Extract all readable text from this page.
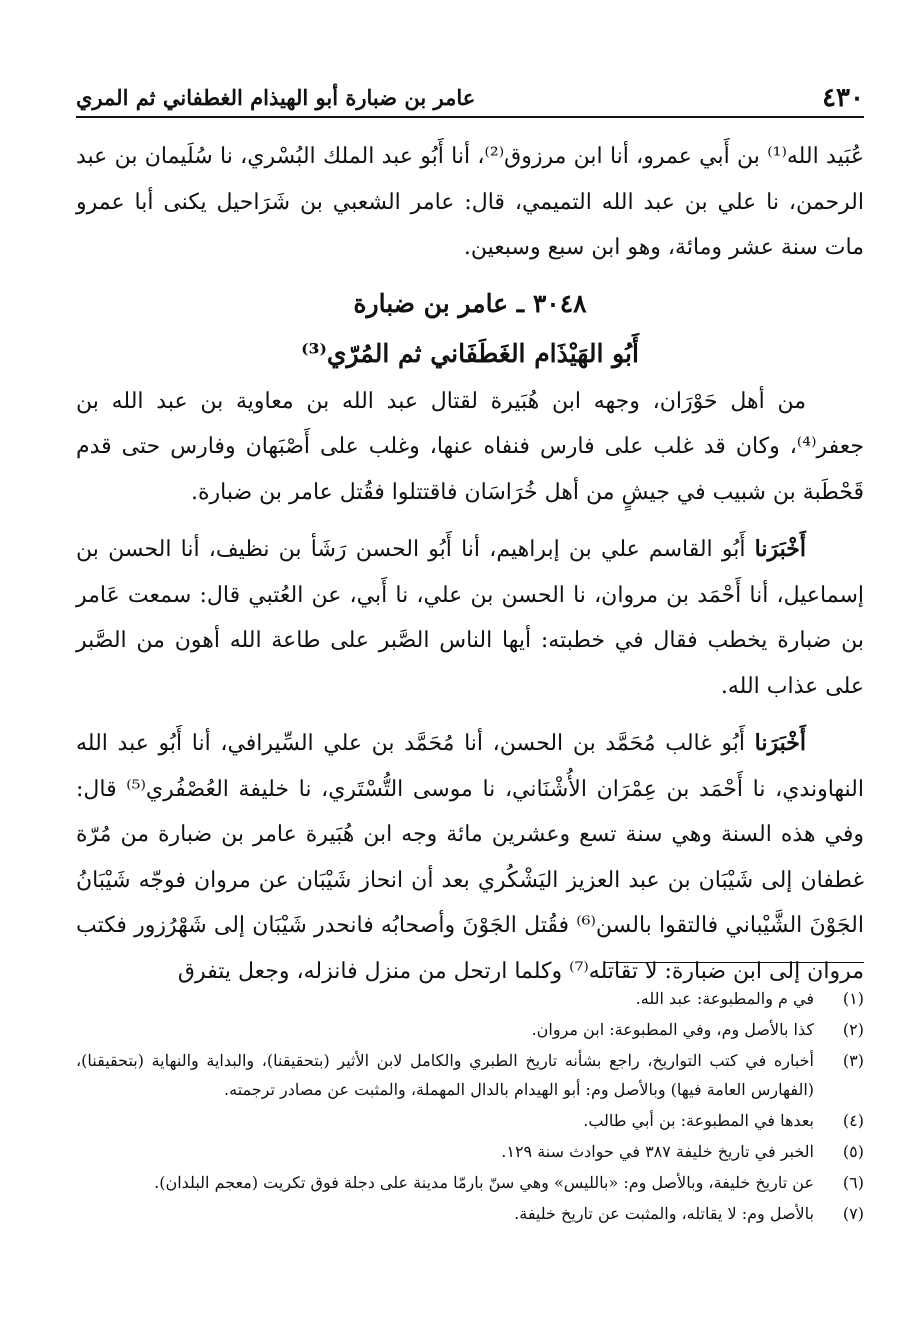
٤٣٠
عامر بن ضبارة أبو الهيذام الغطفاني ثم المري

عُبَيد الله⁽¹⁾ بن أَبي عمرو، أنا ابن مرزوق⁽²⁾، أنا أَبُو عبد الملك البُسْري، نا سُلَيمان بن عبد الرحمن، نا علي بن عبد الله التميمي، قال: عامر الشعبي بن شَرَاحيل يكنى أبا عمرو مات سنة عشر ومائة، وهو ابن سبع وسبعين.

٣٠٤٨ ـ عامر بن ضبارة

أَبُو الهَيْذَام الغَطَفَاني ثم المُرّي⁽³⁾

من أهل حَوْرَان، وجهه ابن هُبَيرة لقتال عبد الله بن معاوية بن عبد الله بن جعفر⁽⁴⁾، وكان قد غلب على فارس فنفاه عنها، وغلب على أَصْبَهان وفارس حتى قدم قَحْطَبة بن شبيب في جيشٍ من أهل خُرَاسَان فاقتتلوا فقُتل عامر بن ضبارة.

أَخْبَرَنا أَبُو القاسم علي بن إبراهيم، أنا أَبُو الحسن رَشَأ بن نظيف، أنا الحسن بن إسماعيل، أنا أَحْمَد بن مروان، نا الحسن بن علي، نا أَبي، عن العُتبي قال: سمعت عَامر بن ضبارة يخطب فقال في خطبته: أيها الناس الصَّبر على طاعة الله أهون من الصَّبر على عذاب الله.

أَخْبَرَنا أَبُو غالب مُحَمَّد بن الحسن، أنا مُحَمَّد بن علي السِّيرافي، أنا أَبُو عبد الله النهاوندي، نا أَحْمَد بن عِمْرَان الأُشْنَاني، نا موسى التُّسْتَري، نا خليفة العُصْفُري⁽⁵⁾ قال: وفي هذه السنة وهي سنة تسع وعشرين مائة وجه ابن هُبَيرة عامر بن ضبارة من مُرّة غطفان إلى شَيْبَان بن عبد العزيز اليَشْكُري بعد أن انحاز شَيْبَان عن مروان فوجّه شَيْبَانُ الجَوْنَ الشَّيْباني فالتقوا بالسن⁽⁶⁾ فقُتل الجَوْنَ وأصحابُه فانحدر شَيْبَان إلى شَهْرُزور فكتب مروان إلى ابن ضبارة: لا تقاتله⁽⁷⁾ وكلما ارتحل من منزل فانزله، وجعل يتفرق

(١)
في م والمطبوعة: عبد الله.
(٢)
كذا بالأصل وم، وفي المطبوعة: ابن مروان.
(٣)
أخباره في كتب التواريخ، راجع بشأنه تاريخ الطبري والكامل لابن الأثير (بتحقيقنا)، والبداية والنهاية (بتحقيقنا)، (الفهارس العامة فيها) وبالأصل وم: أبو الهيدام بالدال المهملة، والمثبت عن مصادر ترجمته.
(٤)
بعدها في المطبوعة: بن أبي طالب.
(٥)
الخبر في تاريخ خليفة ٣٨٧ في حوادث سنة ١٢٩.
(٦)
عن تاريخ خليفة، وبالأصل وم: «بالليس» وهي سنّ بارمّا مدينة على دجلة فوق تكريت (معجم البلدان).
(٧)
بالأصل وم: لا يقاتله، والمثبت عن تاريخ خليفة.
